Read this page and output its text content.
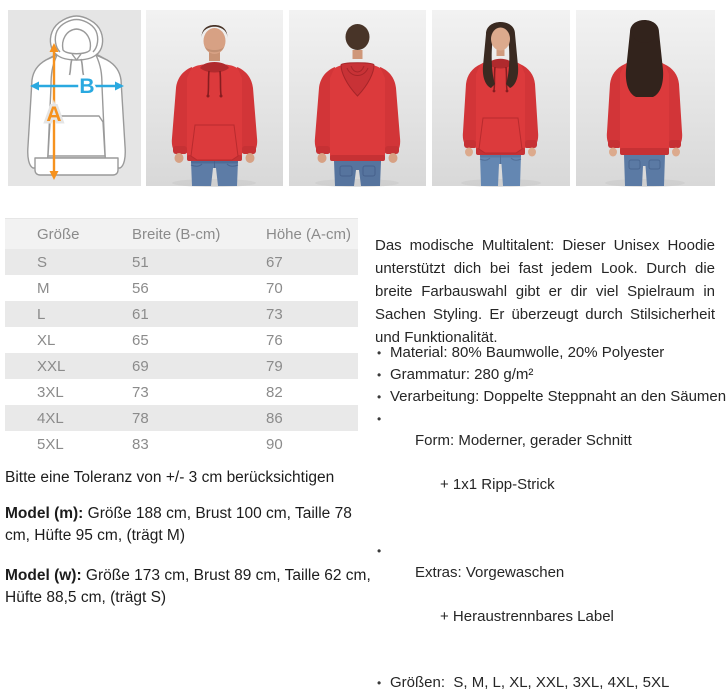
A
B
Größe	Breite (B-cm)	Höhe (A-cm)
S	51	67
M	56	70
L	61	73
XL	65	76
XXL	69	79
3XL	73	82
4XL	78	86
5XL	83	90

Das modische Multitalent: Dieser Unisex Hoodie unterstützt dich bei fast jedem Look. Durch die breite Farbauswahl gibt er dir viel Spielraum in Sachen Styling. Er überzeugt durch Stilsicherheit und Funktionalität.

• Material: 80% Baumwolle, 20% Polyester
• Grammatur: 280 g/m²
• Verarbeitung: Doppelte Steppnaht an den Säumen

• Form: Moderner, gerader Schnitt

+ 1x1 Ripp-Strick

• Extras: Vorgewaschen

+ Heraustrennbares Label

• Größen:  S, M, L, XL, XXL, 3XL, 4XL, 5XL
Bitte eine Toleranz von +/- 3 cm berücksichtigen
Model (m): Größe 188 cm, Brust 100 cm, Taille 78 cm, Hüfte 95 cm, (trägt M)
Model (w): Größe 173 cm, Brust 89 cm, Taille 62 cm, Hüfte 88,5 cm, (trägt S)
